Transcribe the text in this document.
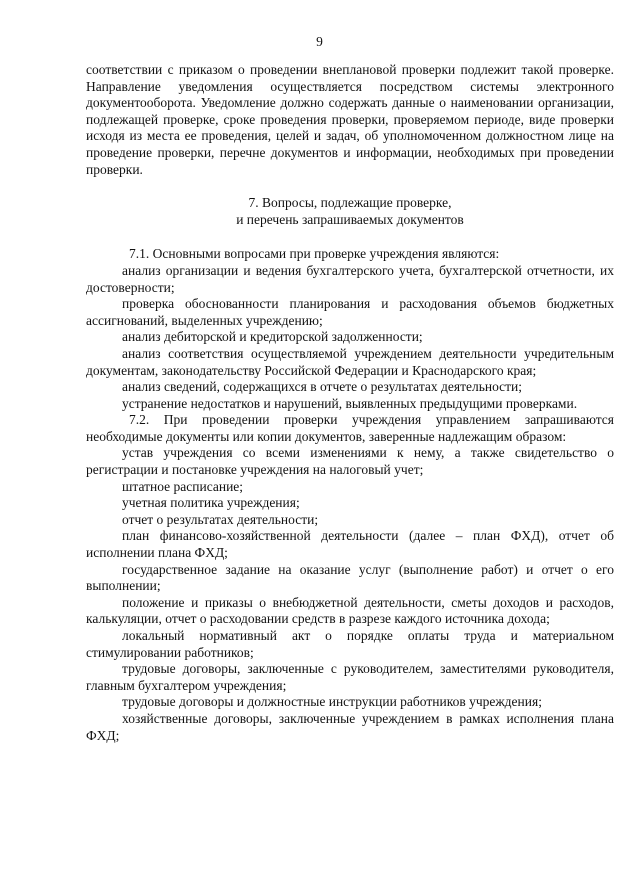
9

соответствии с приказом о проведении внеплановой проверки подлежит такой проверке. Направление уведомления осуществляется посредством системы электронного документооборота. Уведомление должно содержать данные о наименовании организации, подлежащей проверке, сроке проведения проверки, проверяемом периоде, виде проверки исходя из места ее проведения, целей и задач, об уполномоченном должностном лице на проведение проверки, перечне документов и информации, необходимых при проведении проверки.

7. Вопросы, подлежащие проверке,
и перечень запрашиваемых документов

7.1. Основными вопросами при проверке учреждения являются:

анализ организации и ведения бухгалтерского учета, бухгалтерской отчетности, их достоверности;

проверка обоснованности планирования и расходования объемов бюджетных ассигнований, выделенных учреждению;

анализ дебиторской и кредиторской задолженности;

анализ соответствия осуществляемой учреждением деятельности учредительным документам, законодательству Российской Федерации и Краснодарского края;

анализ сведений, содержащихся в отчете о результатах деятельности;

устранение недостатков и нарушений, выявленных предыдущими проверками.

7.2. При проведении проверки учреждения управлением запрашиваются необходимые документы или копии документов, заверенные надлежащим образом:

устав учреждения со всеми изменениями к нему, а также свидетельство о регистрации и постановке учреждения на налоговый учет;

штатное расписание;

учетная политика учреждения;

отчет о результатах деятельности;

план финансово-хозяйственной деятельности (далее – план ФХД), отчет об исполнении плана ФХД;

государственное задание на оказание услуг (выполнение работ) и отчет о его выполнении;

положение и приказы о внебюджетной деятельности, сметы доходов и расходов, калькуляции, отчет о расходовании средств в разрезе каждого источника дохода;

локальный нормативный акт о порядке оплаты труда и материальном стимулировании работников;

трудовые договоры, заключенные с руководителем, заместителями руководителя, главным бухгалтером учреждения;

трудовые договоры и должностные инструкции работников учреждения;

хозяйственные договоры, заключенные учреждением в рамках исполнения плана ФХД;
